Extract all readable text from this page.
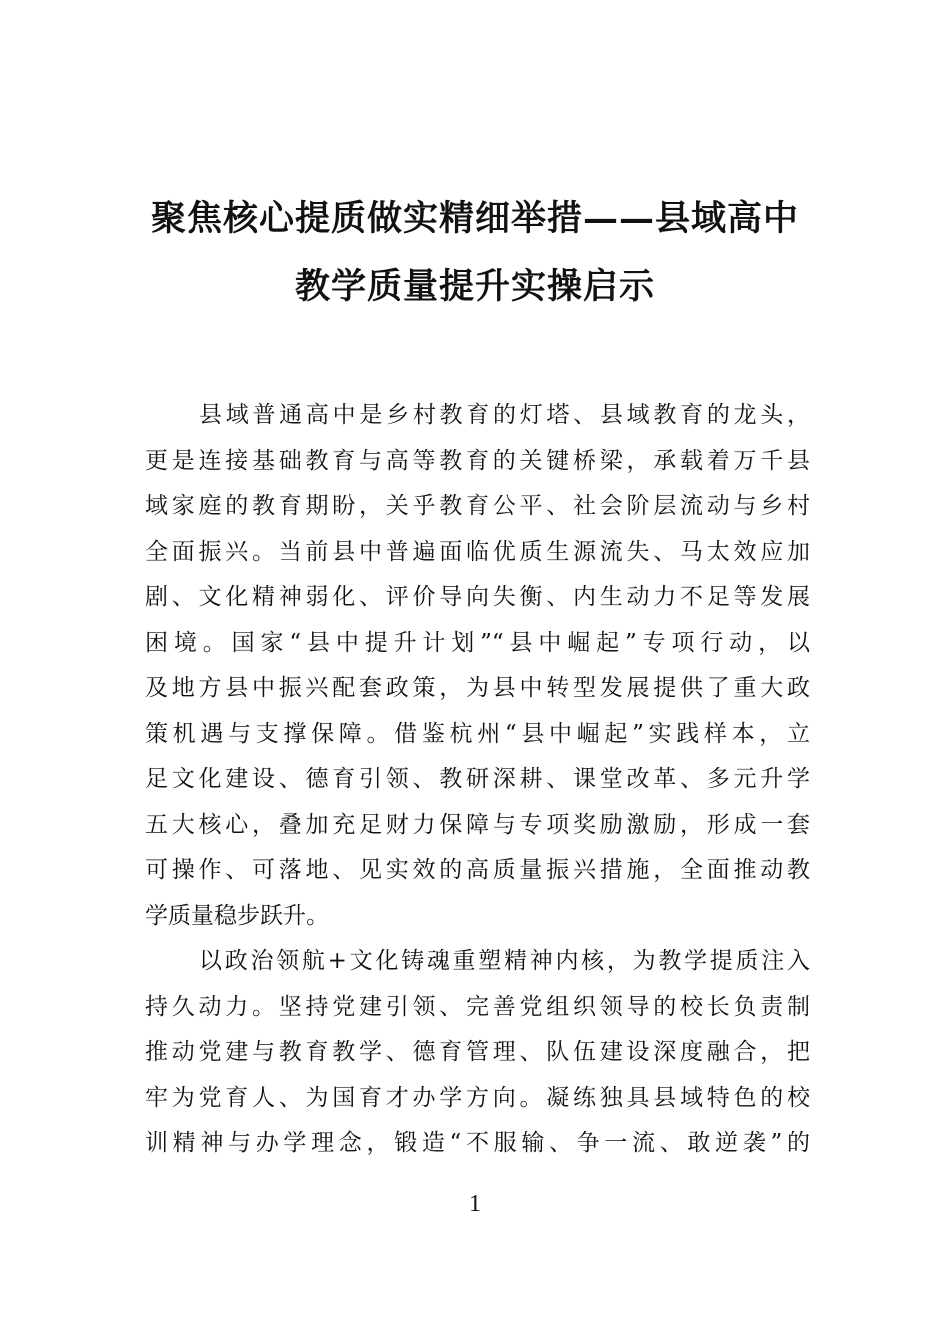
聚焦核心提质做实精细举措——县域高中
教学质量提升实操启示
县域普通高中是乡村教育的灯塔、县域教育的龙头，
更是连接基础教育与高等教育的关键桥梁，承载着万千县
域家庭的教育期盼，关乎教育公平、社会阶层流动与乡村
全面振兴。当前县中普遍面临优质生源流失、马太效应加
剧、文化精神弱化、评价导向失衡、内生动力不足等发展
困境。国家“县中提升计划”“县中崛起”专项行动，以
及地方县中振兴配套政策，为县中转型发展提供了重大政
策机遇与支撑保障。借鉴杭州“县中崛起”实践样本，立
足文化建设、德育引领、教研深耕、课堂改革、多元升学
五大核心，叠加充足财力保障与专项奖励激励，形成一套
可操作、可落地、见实效的高质量振兴措施，全面推动教
学质量稳步跃升。
以政治领航+文化铸魂重塑精神内核，为教学提质注入
持久动力。坚持党建引领、完善党组织领导的校长负责制
推动党建与教育教学、德育管理、队伍建设深度融合，把
牢为党育人、为国育才办学方向。凝练独具县域特色的校
训精神与办学理念，锻造“不服输、争一流、敢逆袭”的
1
